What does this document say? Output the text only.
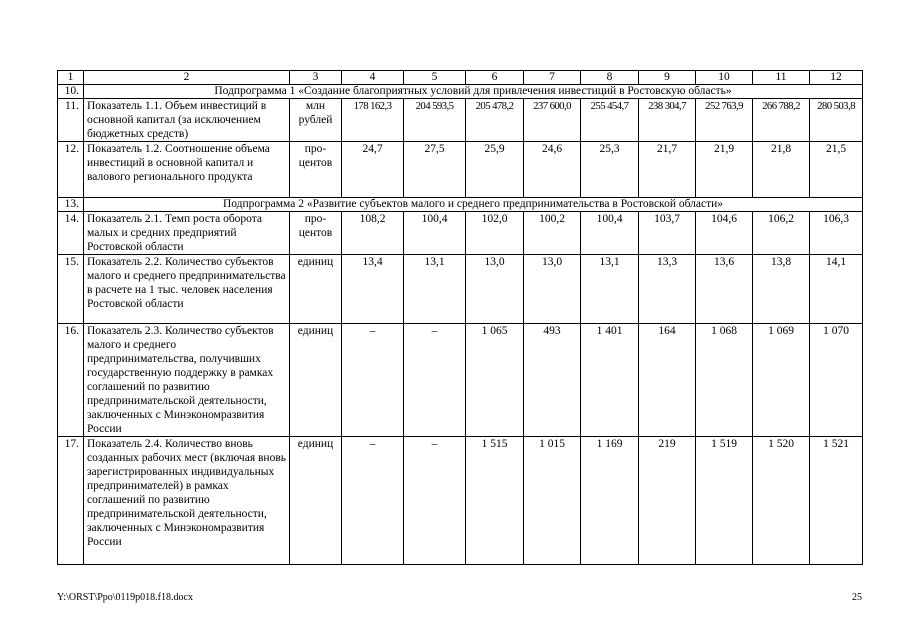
1	2	3	4	5	6	7	8	9	10	11	12
10.	Подпрограмма 1 «Создание благоприятных условий для привлечения инвестиций в Ростовскую область»										
11.	Показатель 1.1. Объем инвестиций в основной капитал (за исключением бюджетных средств)	млн рублей	178 162,3	204 593,5	205 478,2	237 600,0	255 454,7	238 304,7	252 763,9	266 788,2	280 503,8
12.	Показатель 1.2. Соотношение объема инвестиций в основной капитал и валового регионального продукта	про-центов	24,7	27,5	25,9	24,6	25,3	21,7	21,9	21,8	21,5
13.	Подпрограмма 2 «Развитие субъектов малого и среднего предпринимательства в Ростовской области»										
14.	Показатель 2.1. Темп роста оборота малых и средних предприятий Ростовской области	про-центов	108,2	100,4	102,0	100,2	100,4	103,7	104,6	106,2	106,3
15.	Показатель 2.2. Количество субъектов малого и среднего предпринимательства в расчете на 1 тыс. человек населения Ростовской области	единиц	13,4	13,1	13,0	13,0	13,1	13,3	13,6	13,8	14,1
16.	Показатель 2.3. Количество субъектов малого и среднего предпринимательства, получивших государственную поддержку в рамках соглашений по развитию предпринимательской деятельности, заключенных с Минэкономразвития России	единиц	–	–	1 065	493	1 401	164	1 068	1 069	1 070
17.	Показатель 2.4. Количество вновь созданных рабочих мест (включая вновь зарегистрированных индивидуальных предпринимателей) в рамках соглашений по развитию предпринимательской деятельности, заключенных с Минэкономразвития России	единиц	–	–	1 515	1 015	1 169	219	1 519	1 520	1 521
Y:\ORST\Ppo\0119p018.f18.docx	25
